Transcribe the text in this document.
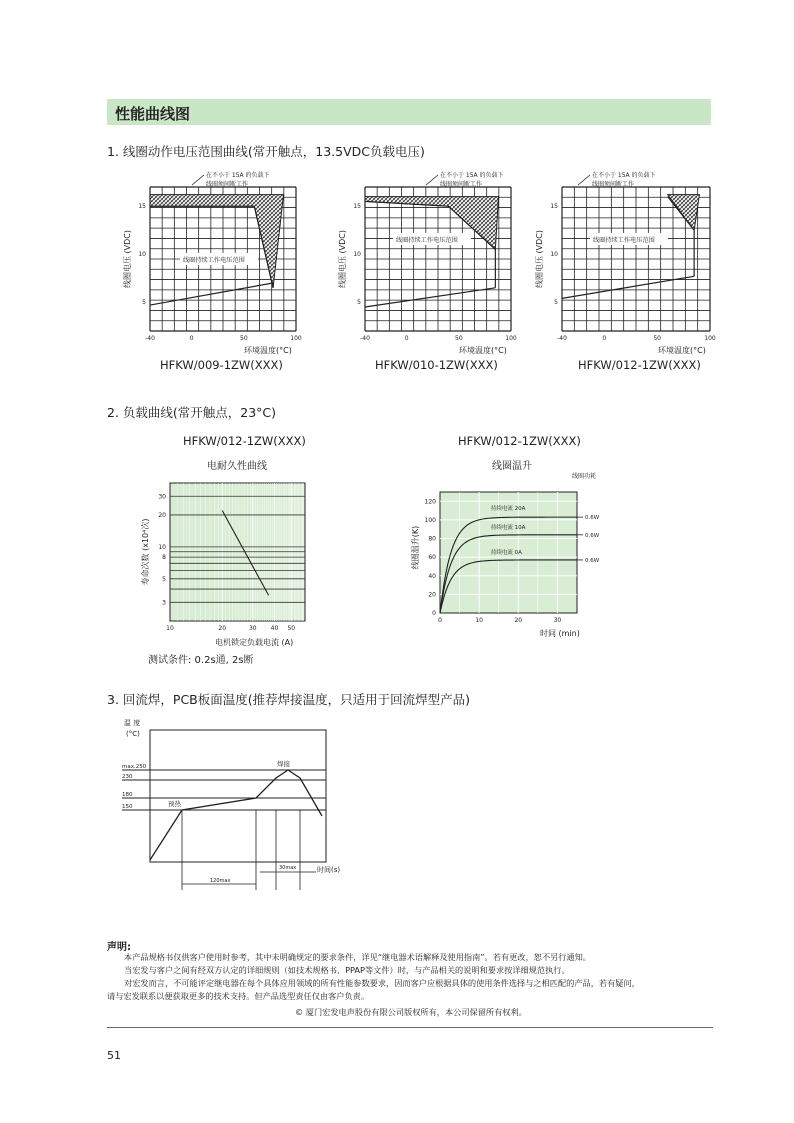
性能曲线图
1. 线圈动作电压范围曲线(常开触点，13.5VDC负载电压)
线圈持续工作电压范围
在不小于 15A 的负载下
线圈须间断工作
15
10
5
-40	0	50	100
线圈电压 (VDC)
环境温度(°C)
线圈持续工作电压范围
在不小于 15A 的负载下
线圈须间断工作
15
10
5
-40	0	50	100
线圈电压 (VDC)
环境温度(°C)
线圈持续工作电压范围
在不小于 15A 的负载下
线圈须间断工作
15
10
5
-40	0	50	100
线圈电压 (VDC)
环境温度(°C)
HFKW/009-1ZW(XXX)	HFKW/010-1ZW(XXX)	HFKW/012-1ZW(XXX)
2. 负载曲线(常开触点，23°C)
HFKW/012-1ZW(XXX)
电耐久性曲线
HFKW/012-1ZW(XXX)
线圈温升
30
20
10
8
5
3
10	20	30 40 50
寿命次数 (x10⁴次)
电机锁定负载电流 (A)
0.6W
持续电流 20A
0.6W
持续电流 10A
0.6W
持续电流 0A
线圈功耗
120
100
80
60
40
20
0
0	10	20	30
线圈温升(K)
时间 (min)
测试条件: 0.2s通, 2s断
3. 回流焊，PCB板面温度(推荐焊接温度，只适用于回流焊型产品)
温 度
(°C)
max.250
230
180
150	预热
焊接
120max
30max	时间(s)
声明:
本产品规格书仅供客户使用时参考，其中未明确规定的要求条件，详见“继电器术语解释及使用指南”。若有更改，恕不另行通知。
当宏发与客户之间有经双方认定的详细规则（如技术规格书、PPAP等文件）时，与产品相关的说明和要求按详细规范执行。
对宏发而言，不可能评定继电器在每个具体应用领域的所有性能参数要求，因而客户应根据具体的使用条件选择与之相匹配的产品，若有疑问，
请与宏发联系以便获取更多的技术支持。但产品选型责任仅由客户负责。
© 厦门宏发电声股份有限公司版权所有，本公司保留所有权利。
51
